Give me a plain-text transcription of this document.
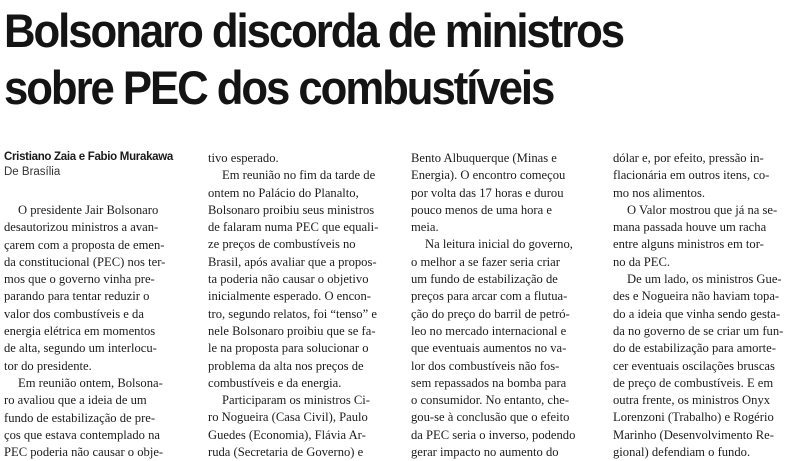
Bolsonaro discorda de ministros
sobre PEC dos combustíveis
Cristiano Zaia e Fabio Murakawa
De Brasília
O presidente Jair Bolsonaro
desautorizou ministros a avan-
çarem com a proposta de emen-
da constitucional (PEC) nos ter-
mos que o governo vinha pre-
parando para tentar reduzir o
valor dos combustíveis e da
energia elétrica em momentos
de alta, segundo um interlocu-
tor do presidente.
Em reunião ontem, Bolsona-
ro avaliou que a ideia de um
fundo de estabilização de pre-
ços que estava contemplado na
PEC poderia não causar o obje-
tivo esperado.
Em reunião no fim da tarde de
ontem no Palácio do Planalto,
Bolsonaro proibiu seus ministros
de falaram numa PEC que equali-
ze preços de combustíveis no
Brasil, após avaliar que a propos-
ta poderia não causar o objetivo
inicialmente esperado. O encon-
tro, segundo relatos, foi “tenso” e
nele Bolsonaro proibiu que se fa-
le na proposta para solucionar o
problema da alta nos preços de
combustíveis e da energia.
Participaram os ministros Ci-
ro Nogueira (Casa Civil), Paulo
Guedes (Economia), Flávia Ar-
ruda (Secretaria de Governo) e
Bento Albuquerque (Minas e
Energia). O encontro começou
por volta das 17 horas e durou
pouco menos de uma hora e
meia.
Na leitura inicial do governo,
o melhor a se fazer seria criar
um fundo de estabilização de
preços para arcar com a flutua-
ção do preço do barril de petró-
leo no mercado internacional e
que eventuais aumentos no va-
lor dos combustíveis não fos-
sem repassados na bomba para
o consumidor. No entanto, che-
gou-se à conclusão que o efeito
da PEC seria o inverso, podendo
gerar impacto no aumento do
dólar e, por efeito, pressão in-
flacionária em outros itens, co-
mo nos alimentos.
O Valor mostrou que já na se-
mana passada houve um racha
entre alguns ministros em tor-
no da PEC.
De um lado, os ministros Gue-
des e Nogueira não haviam topa-
do a ideia que vinha sendo gesta-
da no governo de se criar um fun-
do de estabilização para amorte-
cer eventuais oscilações bruscas
de preço de combustíveis. E em
outra frente, os ministros Onyx
Lorenzoni (Trabalho) e Rogério
Marinho (Desenvolvimento Re-
gional) defendiam o fundo.
